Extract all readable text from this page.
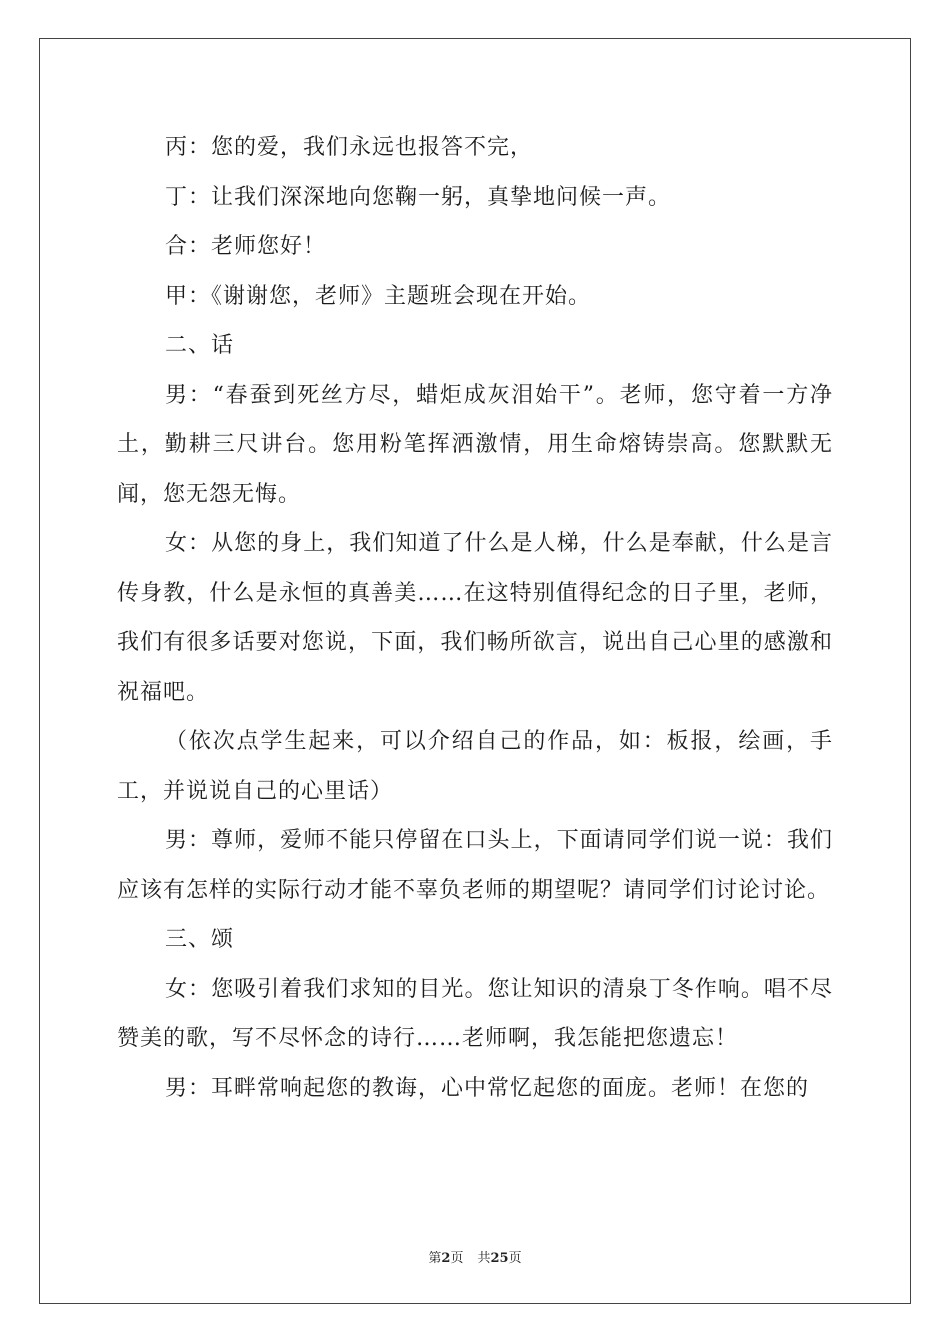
丙：您的爱，我们永远也报答不完，

丁：让我们深深地向您鞠一躬，真挚地问候一声。

合：老师您好！

甲：《谢谢您，老师》主题班会现在开始。

二、话

男：“春蚕到死丝方尽，蜡炬成灰泪始干”。老师，您守着一方净土，勤耕三尺讲台。您用粉笔挥洒激情，用生命熔铸崇高。您默默无闻，您无怨无悔。

女：从您的身上，我们知道了什么是人梯，什么是奉献，什么是言传身教，什么是永恒的真善美……在这特别值得纪念的日子里，老师，我们有很多话要对您说，下面，我们畅所欲言，说出自己心里的感激和祝福吧。

（依次点学生起来，可以介绍自己的作品，如：板报，绘画，手工，并说说自己的心里话）

男：尊师，爱师不能只停留在口头上，下面请同学们说一说：我们应该有怎样的实际行动才能不辜负老师的期望呢？请同学们讨论讨论。

三、颂

女：您吸引着我们求知的目光。您让知识的清泉丁冬作响。唱不尽赞美的歌，写不尽怀念的诗行……老师啊，我怎能把您遗忘！

男：耳畔常响起您的教诲，心中常忆起您的面庞。老师！在您的

第2页 共25页
